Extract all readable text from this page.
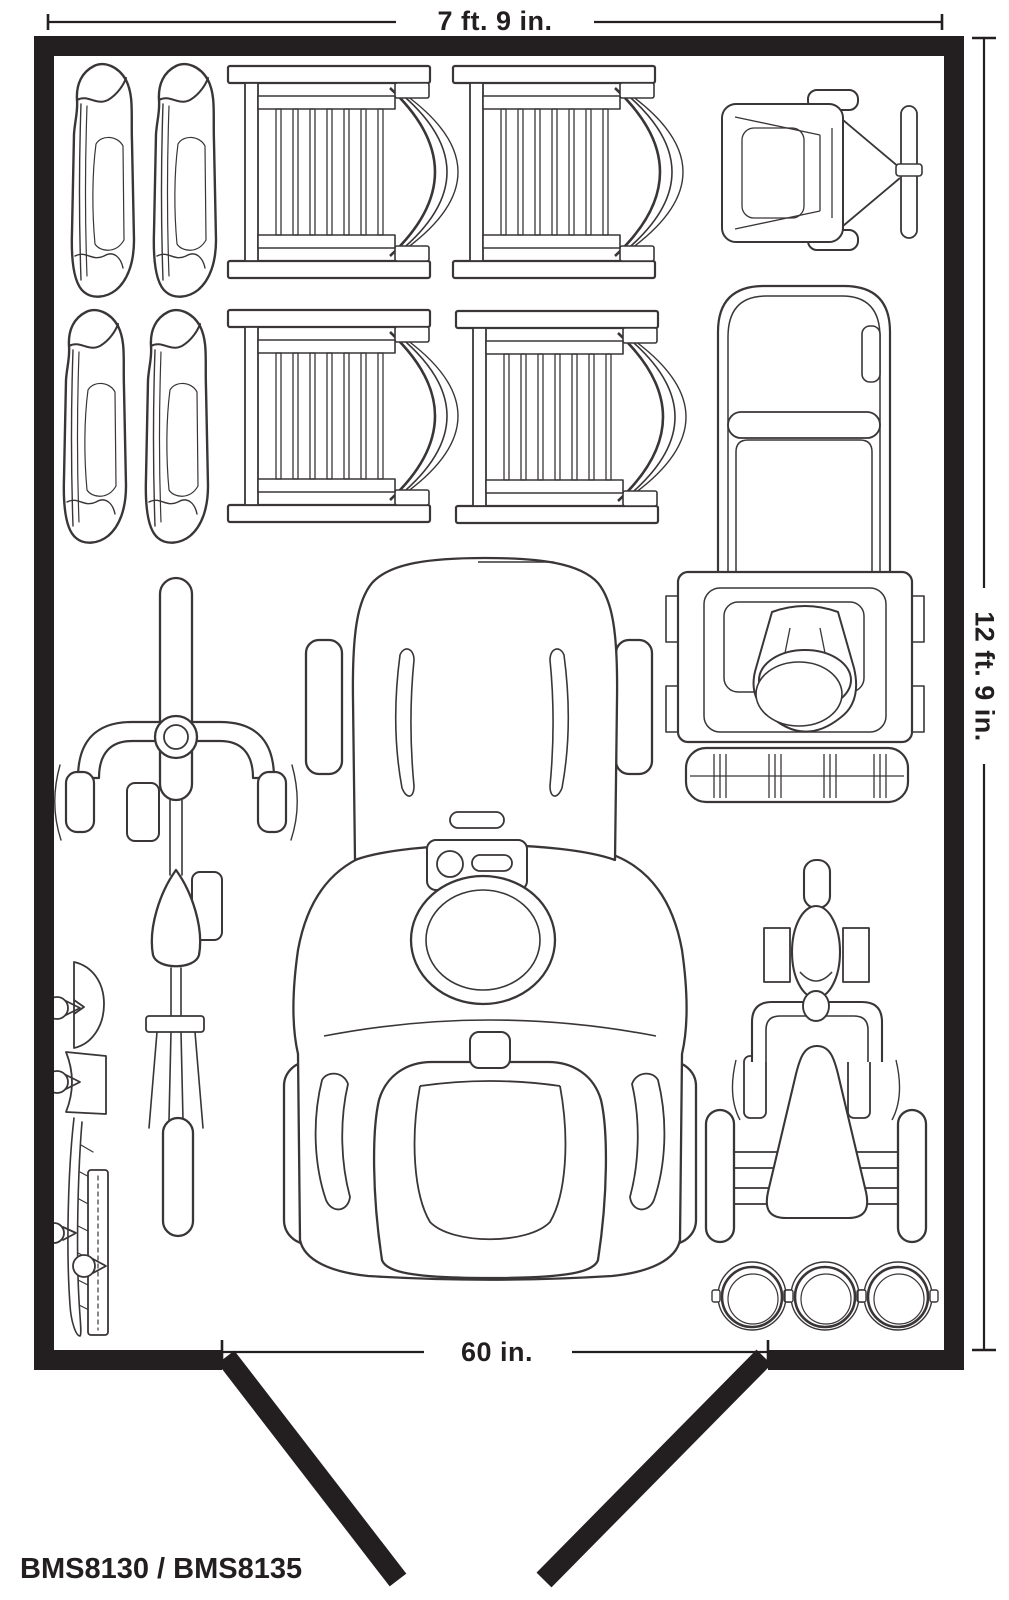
7 ft. 9 in.
12 ft. 9 in.
60 in.
BMS8130 / BMS8135
